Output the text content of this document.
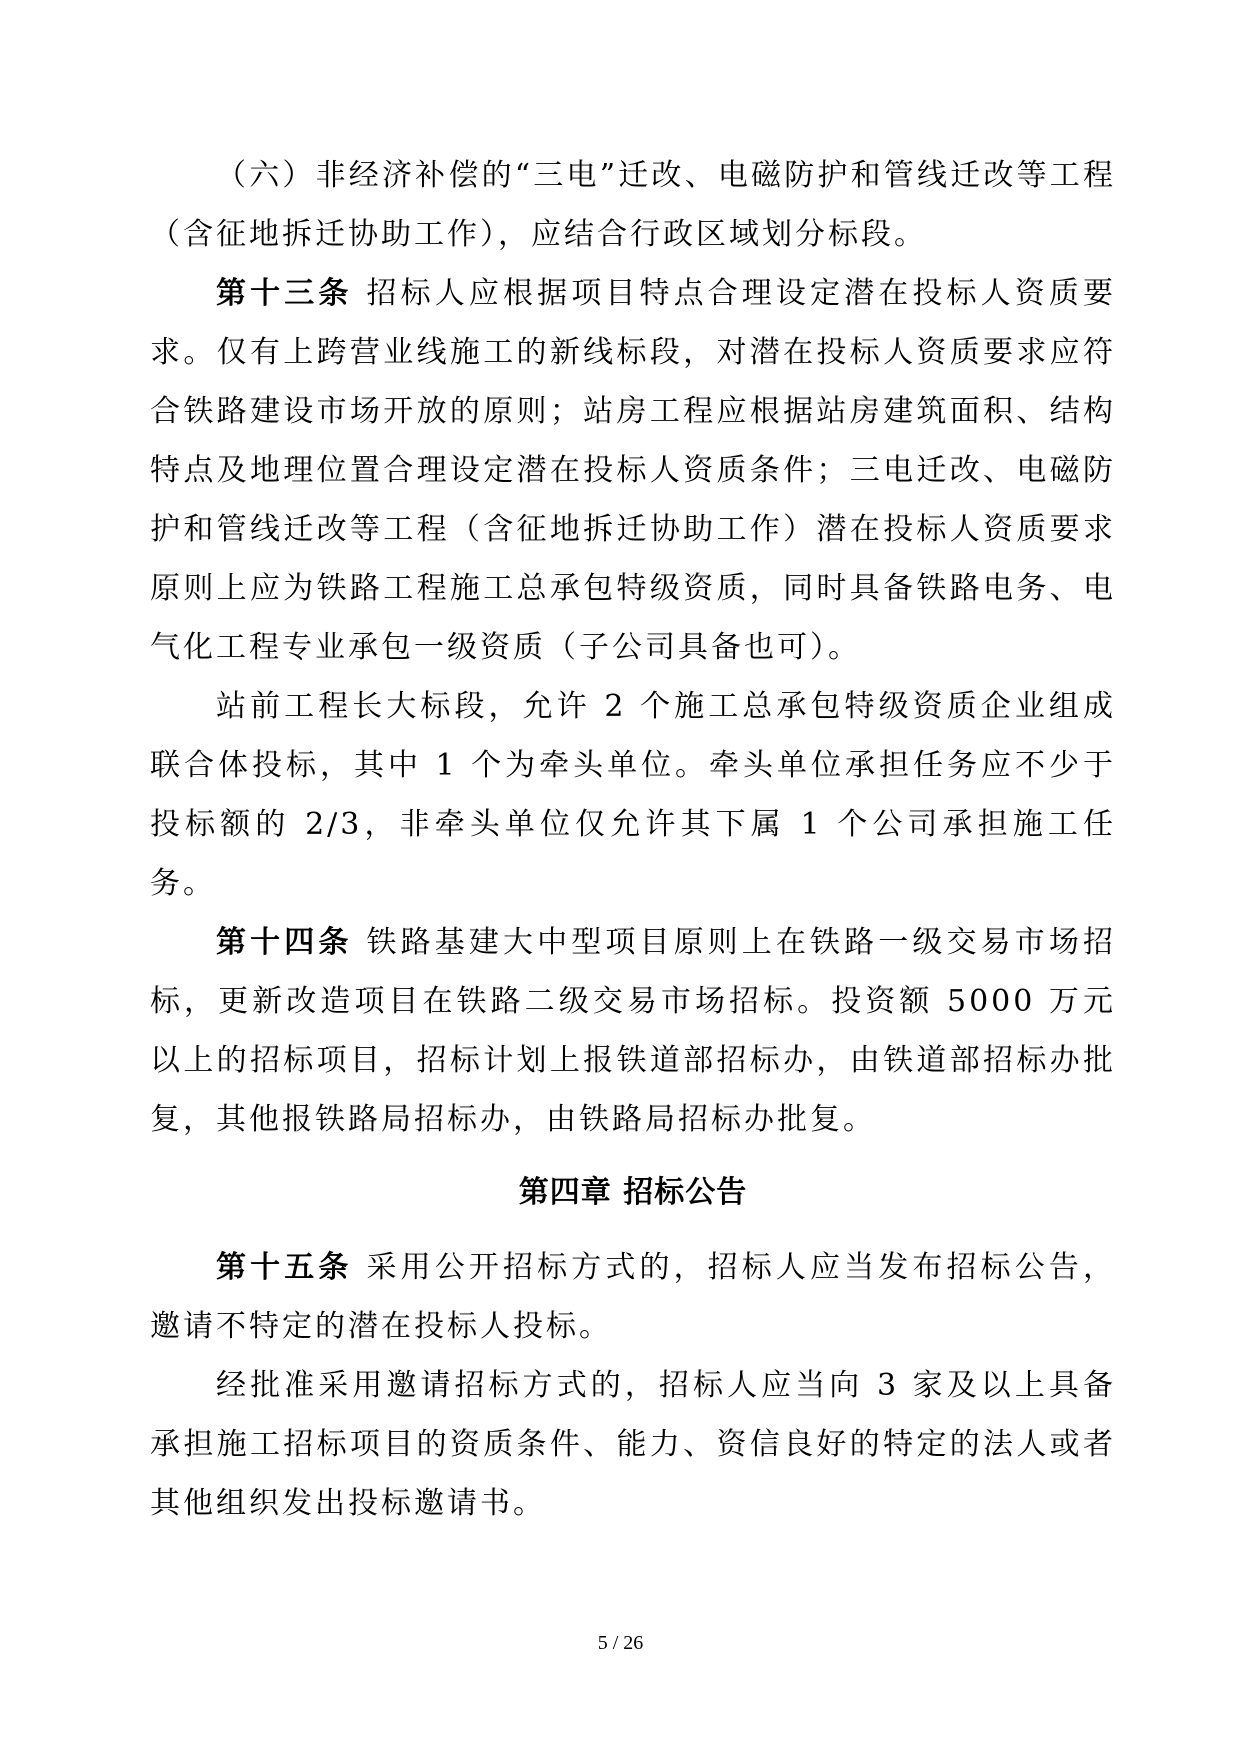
（六）非经济补偿的“三电”迁改、电磁防护和管线迁改等工程（含征地拆迁协助工作），应结合行政区域划分标段。

第十三条 招标人应根据项目特点合理设定潜在投标人资质要求。仅有上跨营业线施工的新线标段，对潜在投标人资质要求应符合铁路建设市场开放的原则；站房工程应根据站房建筑面积、结构特点及地理位置合理设定潜在投标人资质条件；三电迁改、电磁防护和管线迁改等工程（含征地拆迁协助工作）潜在投标人资质要求原则上应为铁路工程施工总承包特级资质，同时具备铁路电务、电气化工程专业承包一级资质（子公司具备也可）。

站前工程长大标段，允许 2 个施工总承包特级资质企业组成联合体投标，其中 1 个为牵头单位。牵头单位承担任务应不少于投标额的 2/3，非牵头单位仅允许其下属 1 个公司承担施工任务。

第十四条 铁路基建大中型项目原则上在铁路一级交易市场招标，更新改造项目在铁路二级交易市场招标。投资额 5000 万元以上的招标项目，招标计划上报铁道部招标办，由铁道部招标办批复，其他报铁路局招标办，由铁路局招标办批复。

第四章 招标公告

第十五条 采用公开招标方式的，招标人应当发布招标公告，邀请不特定的潜在投标人投标。

经批准采用邀请招标方式的，招标人应当向 3 家及以上具备承担施工招标项目的资质条件、能力、资信良好的特定的法人或者其他组织发出投标邀请书。

5 / 26
